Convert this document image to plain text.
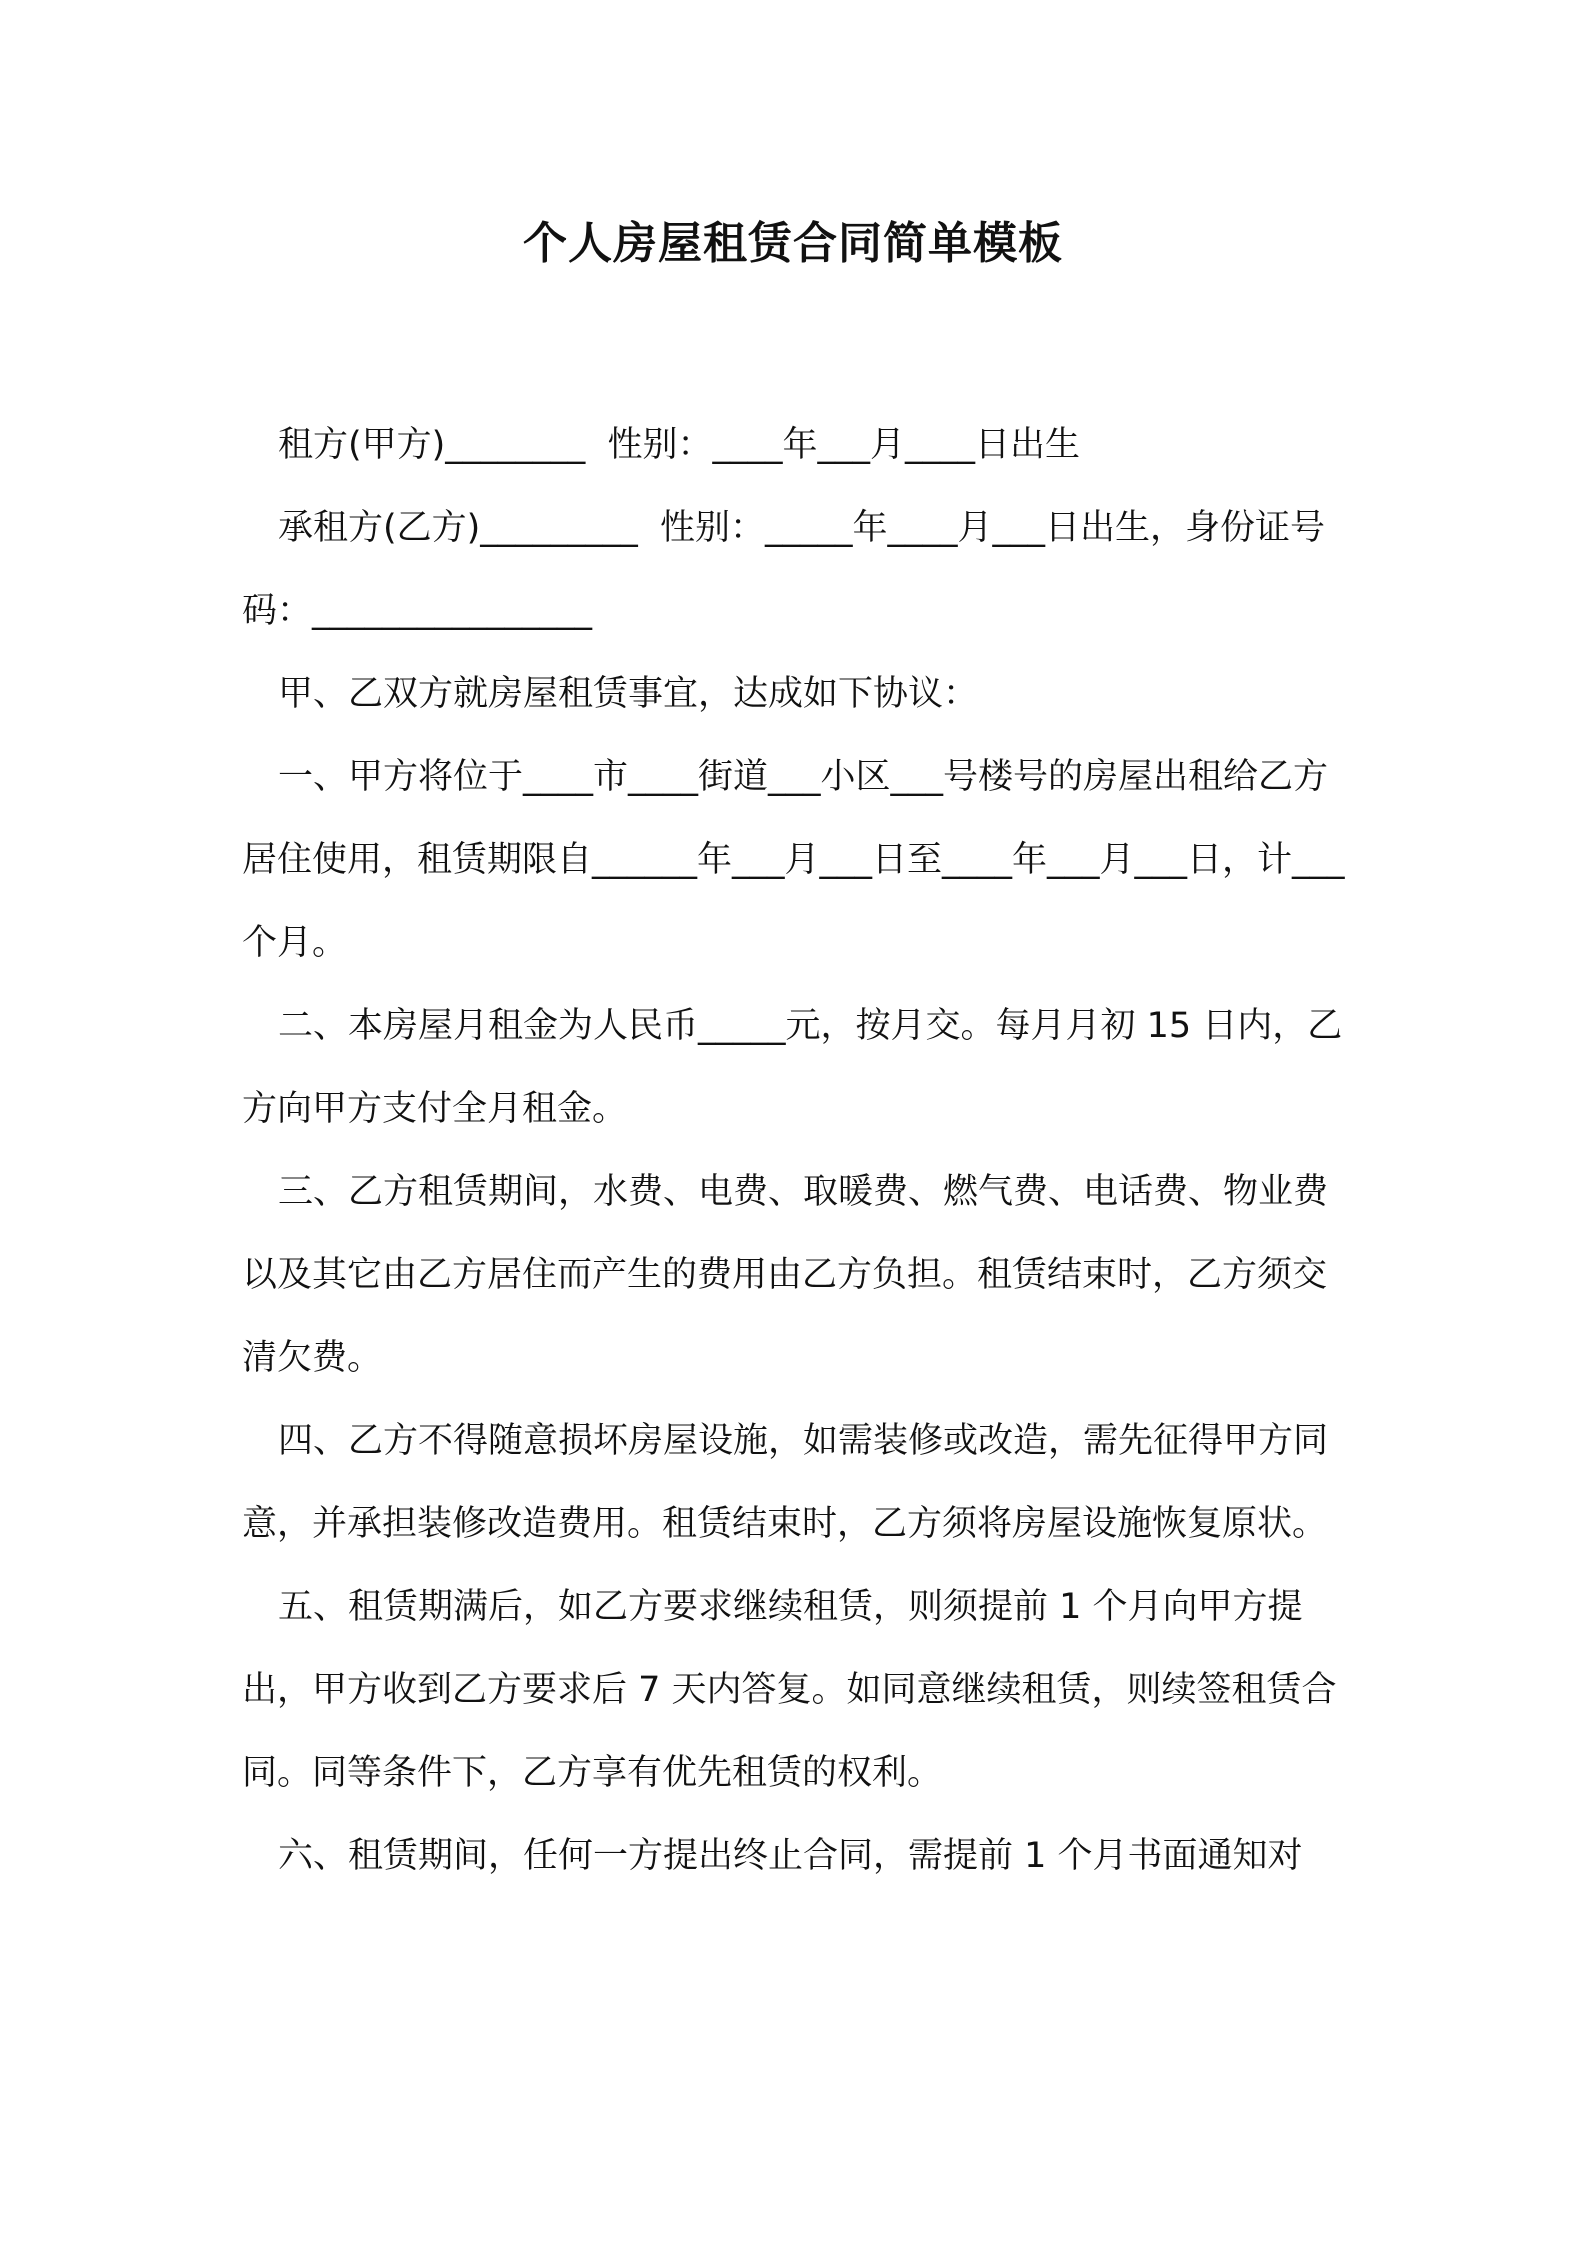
个人房屋租赁合同简单模板

租方(甲方)________  性别：____年___月____日出生

承租方(乙方)_________  性别：_____年____月___日出生，身份证号码：________________

甲、乙双方就房屋租赁事宜，达成如下协议：

一、甲方将位于____市____街道___小区___号楼号的房屋出租给乙方居住使用，租赁期限自______年___月___日至____年___月___日，计___个月。

二、本房屋月租金为人民币_____元，按月交。每月月初 15 日内，乙方向甲方支付全月租金。

三、乙方租赁期间，水费、电费、取暖费、燃气费、电话费、物业费以及其它由乙方居住而产生的费用由乙方负担。租赁结束时，乙方须交清欠费。

四、乙方不得随意损坏房屋设施，如需装修或改造，需先征得甲方同意，并承担装修改造费用。租赁结束时，乙方须将房屋设施恢复原状。

五、租赁期满后，如乙方要求继续租赁，则须提前 1 个月向甲方提出，甲方收到乙方要求后 7 天内答复。如同意继续租赁，则续签租赁合同。同等条件下，乙方享有优先租赁的权利。

六、租赁期间，任何一方提出终止合同，需提前 1 个月书面通知对
